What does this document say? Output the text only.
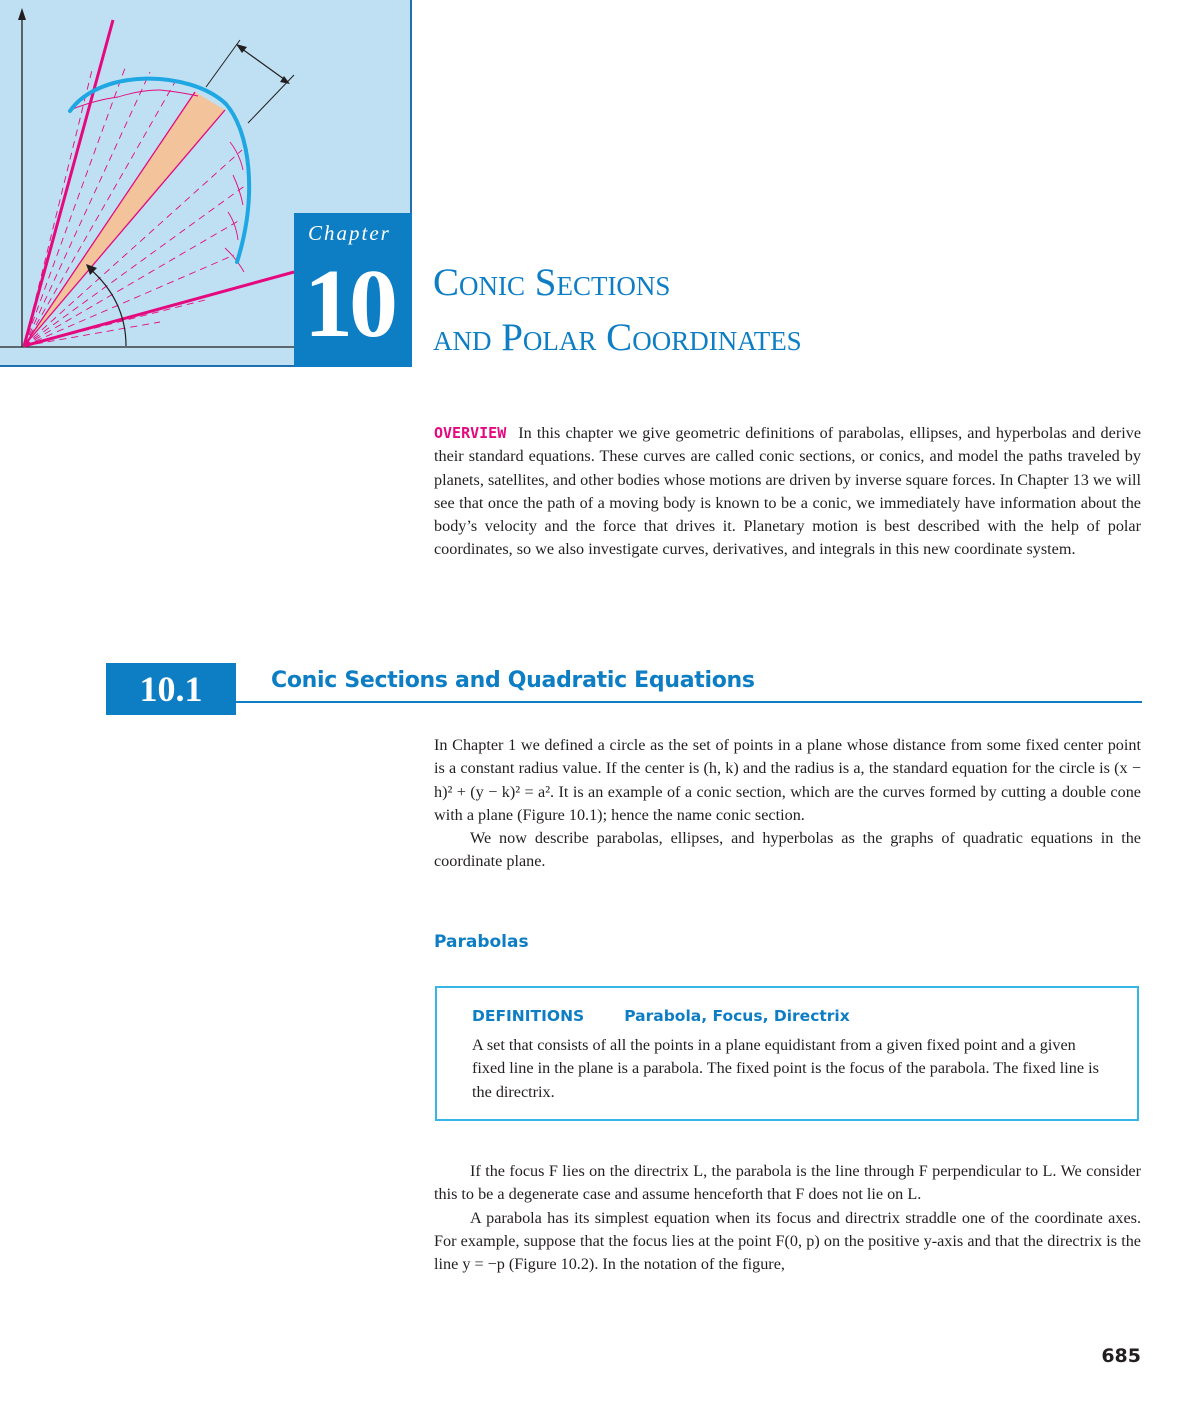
Chapter
10 Conic Sections
and Polar Coordinates

OVERVIEW In this chapter we give geometric definitions of parabolas, ellipses, and hyperbolas and derive their standard equations. These curves are called conic sections, or conics, and model the paths traveled by planets, satellites, and other bodies whose motions are driven by inverse square forces. In Chapter 13 we will see that once the path of a moving body is known to be a conic, we immediately have information about the body’s velocity and the force that drives it. Planetary motion is best described with the help of polar coordinates, so we also investigate curves, derivatives, and integrals in this new coordinate system.

10.1	Conic Sections and Quadratic Equations

In Chapter 1 we defined a circle as the set of points in a plane whose distance from some fixed center point is a constant radius value. If the center is (h, k) and the radius is a, the standard equation for the circle is (x − h)² + (y − k)² = a². It is an example of a conic section, which are the curves formed by cutting a double cone with a plane (Figure 10.1); hence the name conic section.

We now describe parabolas, ellipses, and hyperbolas as the graphs of quadratic equations in the coordinate plane.

Parabolas
DEFINITIONS	Parabola, Focus, Directrix
A set that consists of all the points in a plane equidistant from a given fixed point and a given fixed line in the plane is a parabola. The fixed point is the focus of the parabola. The fixed line is the directrix.

If the focus F lies on the directrix L, the parabola is the line through F perpendicular to L. We consider this to be a degenerate case and assume henceforth that F does not lie on L.

A parabola has its simplest equation when its focus and directrix straddle one of the coordinate axes. For example, suppose that the focus lies at the point F(0, p) on the positive y-axis and that the directrix is the line y = −p (Figure 10.2). In the notation of the figure,

685
